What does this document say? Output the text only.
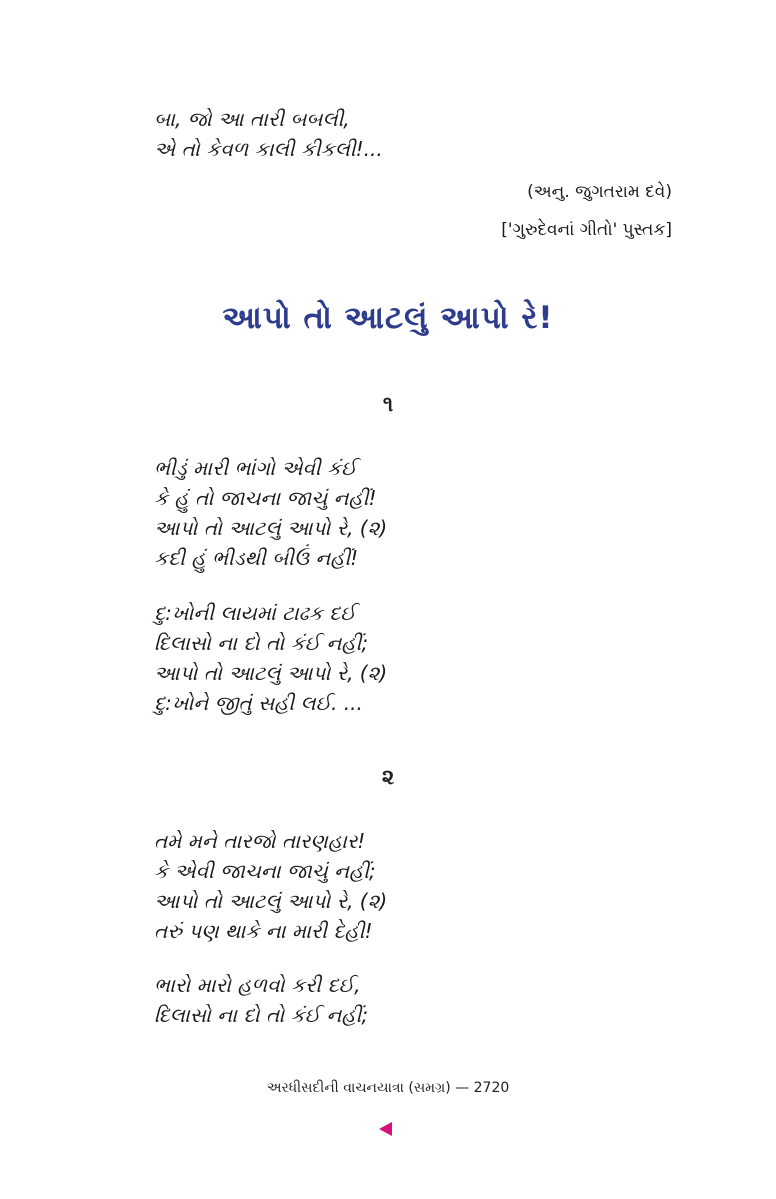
બા, જો આ તારી બબલી,
એ તો કેવળ કાલી કીકલી!...
(અનુ. જુગતરામ દવે)
['ગુરુદેવનાં ગીતો' પુસ્તક]
આપો તો આટલું આપો રે!
૧
ભીડું મારી ભાંગો એવી કંઈ
કે હું તો જાચના જાચું નહીં!
આપો તો આટલું આપો રે, (૨)
કદી હું ભીડથી બીઉં નહીં!
દુ:ખોની લાયમાં ટાઢક દઈ
દિલાસો ના દો તો કંઈ નહીં;
આપો તો આટલું આપો રે, (૨)
દુ:ખોને જીતું સહી લઈ. ...
૨
તમે મને તારજો તારણહાર!
કે એવી જાચના જાચું નહીં;
આપો તો આટલું આપો રે, (૨)
તરું પણ થાકે ના મારી દેહી!
ભારો મારો હળવો કરી દઈ,
દિલાસો ના દો તો કંઈ નહીં;
અરધીસદીની વાચનયાત્રા (સમગ્ર) — 2720
